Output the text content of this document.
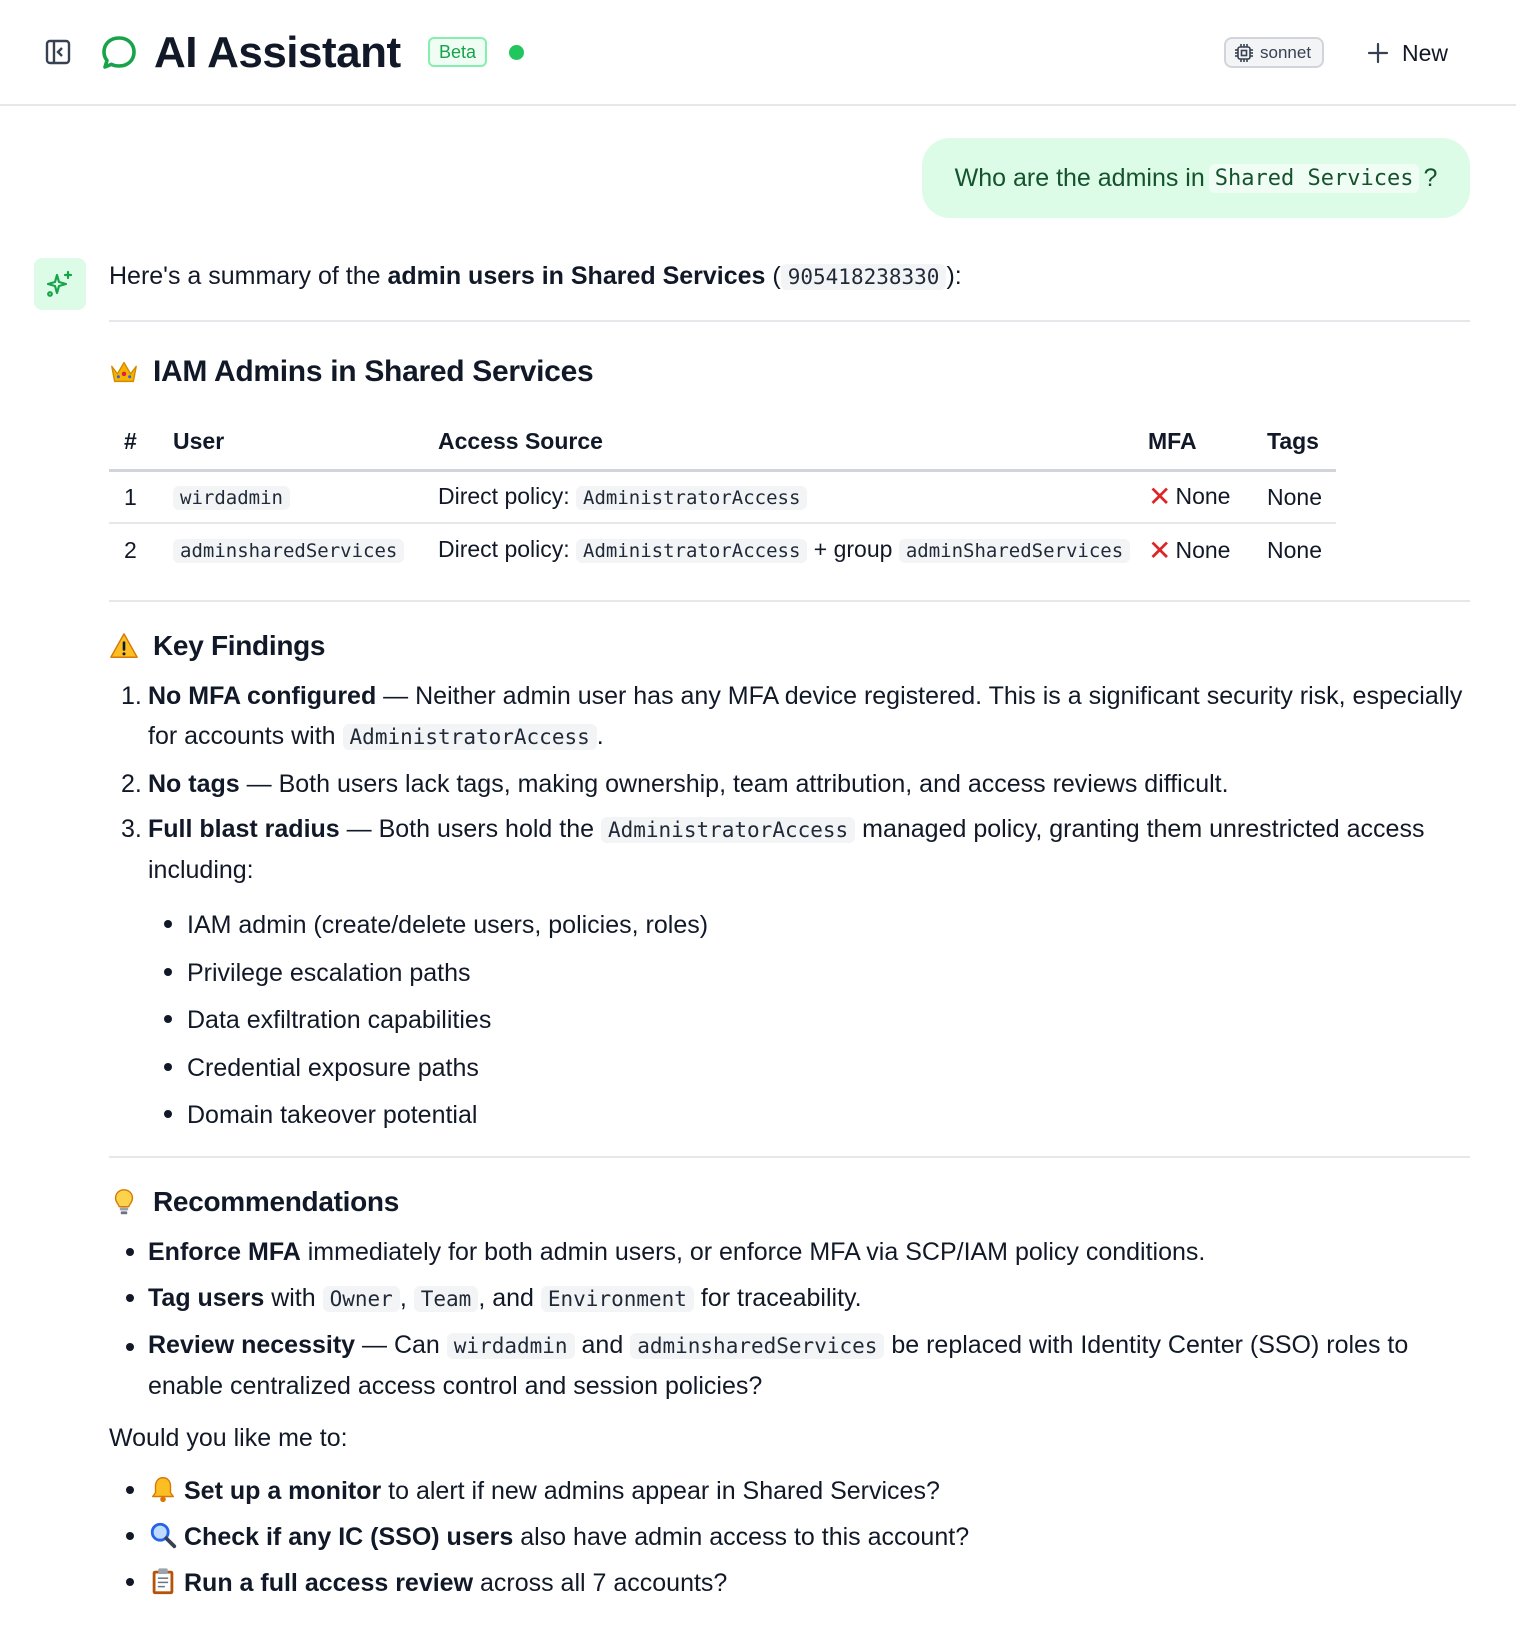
AI Assistant	Beta	sonnet	New
Who are the admins in Shared Services ?
Here's a summary of the admin users in Shared Services ( 905418238330 ):
IAM Admins in Shared Services
#	User	Access Source	MFA	Tags
1	wirdadmin	Direct policy: AdministratorAccess	✕ None	None
2	adminsharedServices	Direct policy: AdministratorAccess + group adminSharedServices	✕ None	None
Key Findings
1. No MFA configured — Neither admin user has any MFA device registered. This is a significant security risk, especially for accounts with AdministratorAccess .
2. No tags — Both users lack tags, making ownership, team attribution, and access reviews difficult.
3. Full blast radius — Both users hold the AdministratorAccess managed policy, granting them unrestricted access including:
IAM admin (create/delete users, policies, roles)
Privilege escalation paths
Data exfiltration capabilities
Credential exposure paths
Domain takeover potential
Recommendations
Enforce MFA immediately for both admin users, or enforce MFA via SCP/IAM policy conditions.
Tag users with Owner , Team , and Environment for traceability.
Review necessity — Can wirdadmin and adminsharedServices be replaced with Identity Center (SSO) roles to enable centralized access control and session policies?
Would you like me to:
Set up a monitor to alert if new admins appear in Shared Services?
Check if any IC (SSO) users also have admin access to this account?
Run a full access review across all 7 accounts?
